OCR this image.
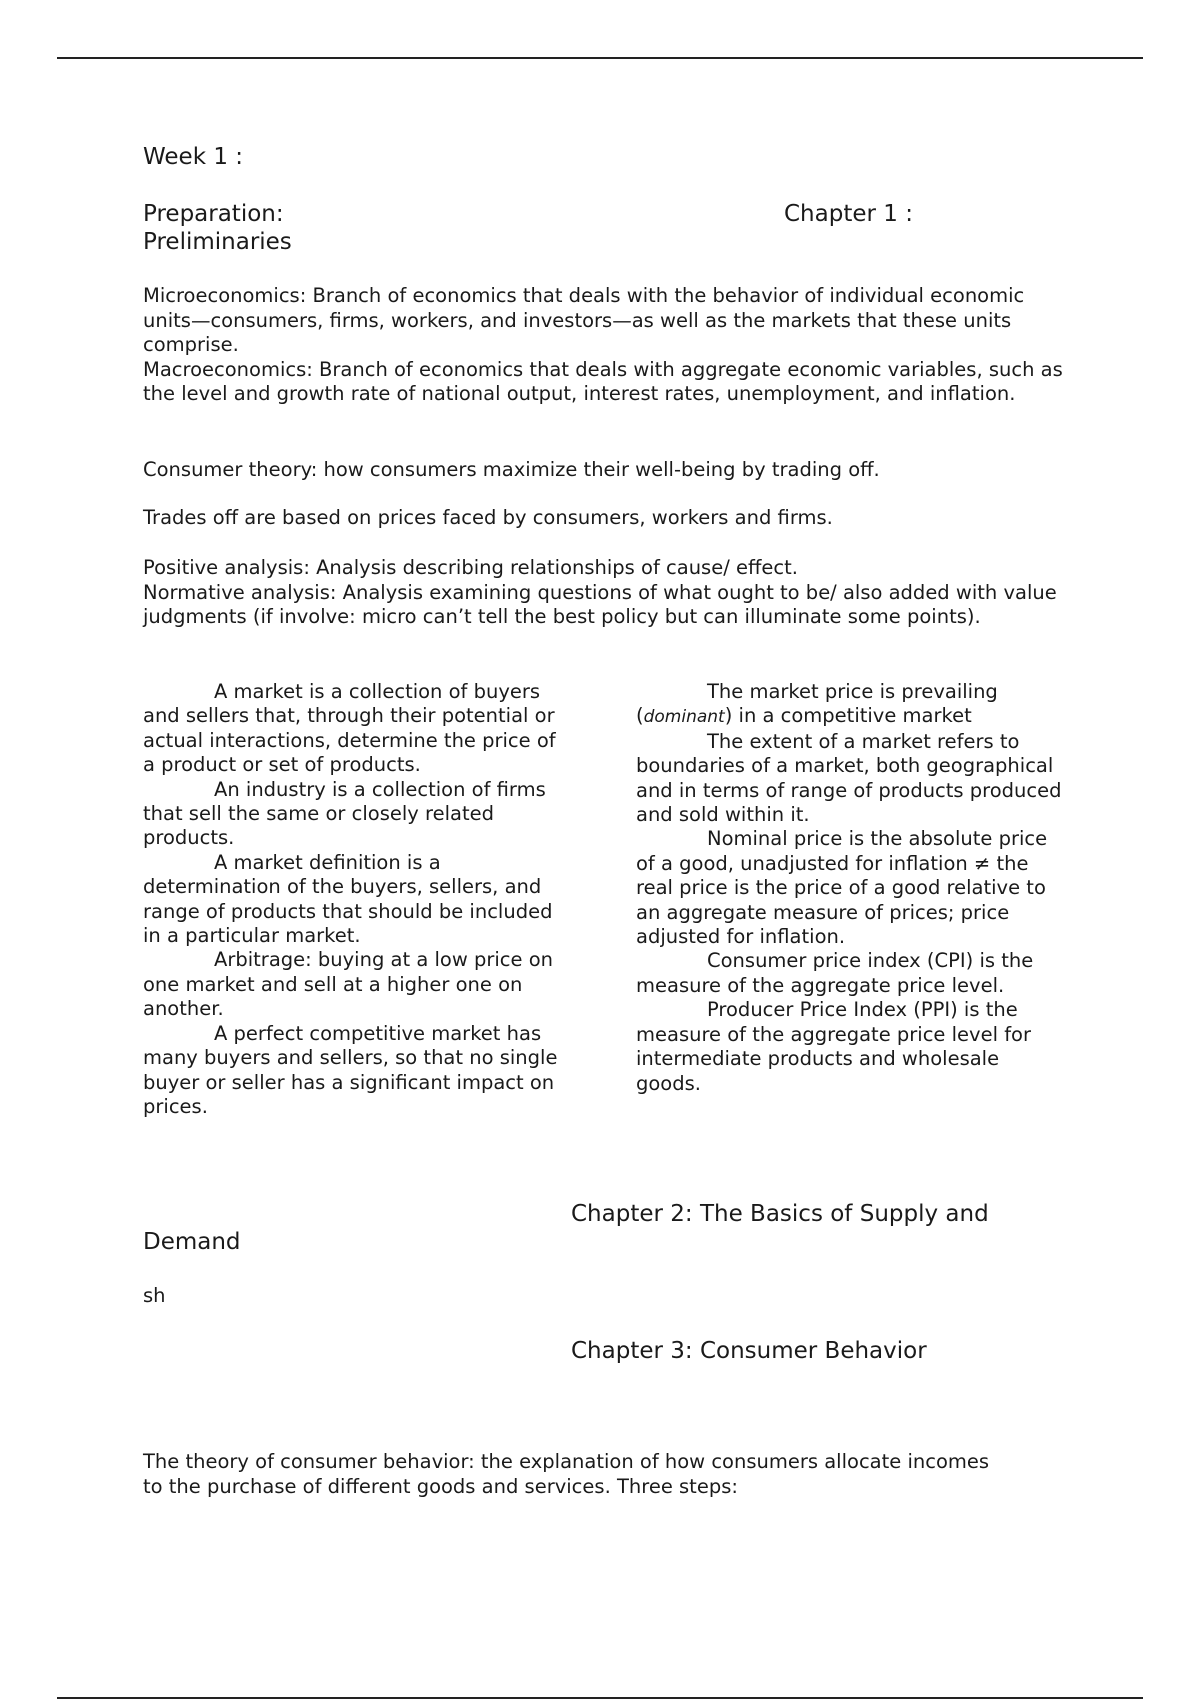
Week 1 :
Preparation:	Chapter 1 :
Preliminaries

Microeconomics: Branch of economics that deals with the behavior of individual economic units—consumers, firms, workers, and investors—as well as the markets that these units comprise.

Macroeconomics: Branch of economics that deals with aggregate economic variables, such as the level and growth rate of national output, interest rates, unemployment, and inflation.

Consumer theory: how consumers maximize their well-being by trading off.
Trades off are based on prices faced by consumers, workers and firms.

Positive analysis: Analysis describing relationships of cause/ effect.

Normative analysis: Analysis examining questions of what ought to be/ also added with value judgments (if involve: micro can’t tell the best policy but can illuminate some points).

A market is a collection of buyers and sellers that, through their potential or actual interactions, determine the price of a product or set of products.

An industry is a collection of firms that sell the same or closely related products.

A market definition is a determination of the buyers, sellers, and range of products that should be included in a particular market.

Arbitrage: buying at a low price on one market and sell at a higher one on another.

A perfect competitive market has many buyers and sellers, so that no single buyer or seller has a significant impact on prices.

The market price is prevailing (dominant) in a competitive market

The extent of a market refers to boundaries of a market, both geographical and in terms of range of products produced and sold within it.

Nominal price is the absolute price of a good, unadjusted for inflation ≠ the real price is the price of a good relative to an aggregate measure of prices; price adjusted for inflation.

Consumer price index (CPI) is the measure of the aggregate price level.

Producer Price Index (PPI) is the measure of the aggregate price level for intermediate products and wholesale goods.

Chapter 2: The Basics of Supply and
Demand
sh
Chapter 3: Consumer Behavior
The theory of consumer behavior: the explanation of how consumers allocate incomes to the purchase of different goods and services. Three steps:
